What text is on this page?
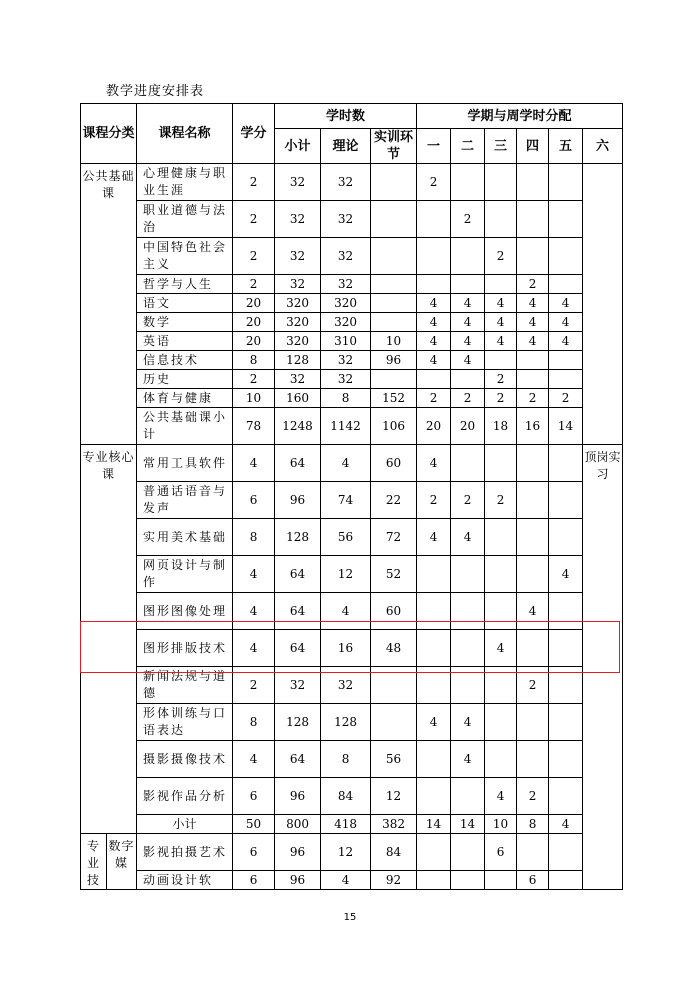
教学进度安排表
课程分类		课程名称	学分	学时数			学期与周学时分配					
				小计	理论	实训环节	一	二	三	四	五	六
公共基础课		心理健康与职业生涯	2	32	32		2					
		职业道德与法治	2	32	32			2				
		中国特色社会主义	2	32	32				2			
		哲学与人生	2	32	32					2		
		语文	20	320	320		4	4	4	4	4	
		数学	20	320	320		4	4	4	4	4	
		英语	20	320	310	10	4	4	4	4	4	
		信息技术	8	128	32	96	4	4				
		历史	2	32	32				2			
		体育与健康	10	160	8	152	2	2	2	2	2	
		公共基础课小计	78	1248	1142	106	20	20	18	16	14	
专业核心课		常用工具软件	4	64	4	60	4					顶岗实习
		普通话语音与发声	6	96	74	22	2	2	2			
		实用美术基础	8	128	56	72	4	4				
		网页设计与制作	4	64	12	52					4	
		图形图像处理	4	64	4	60				4		
		图形排版技术	4	64	16	48			4			
		新闻法规与道德	2	32	32					2		
		形体训练与口语表达	8	128	128		4	4				
		摄影摄像技术	4	64	8	56		4				
		影视作品分析	6	96	84	12			4	2		
		小计	50	800	418	382	14	14	10	8	4	
专业技	数字媒	影视拍摄艺术	6	96	12	84			6			
		动画设计软	6	96	4	92				6		
15
